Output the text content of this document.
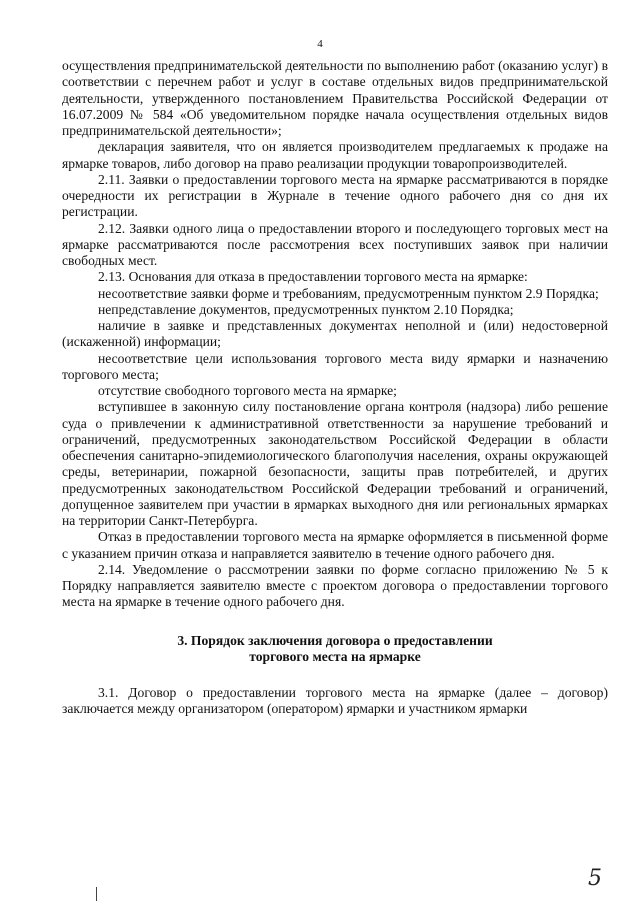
4

осуществления предпринимательской деятельности по выполнению работ (оказанию услуг) в соответствии с перечнем работ и услуг в составе отдельных видов предпринимательской деятельности, утвержденного постановлением Правительства Российской Федерации от 16.07.2009 № 584 «Об уведомительном порядке начала осуществления отдельных видов предпринимательской деятельности»;

декларация заявителя, что он является производителем предлагаемых к продаже на ярмарке товаров, либо договор на право реализации продукции товаропроизводителей.

2.11. Заявки о предоставлении торгового места на ярмарке рассматриваются в порядке очередности их регистрации в Журнале в течение одного рабочего дня со дня их регистрации.

2.12. Заявки одного лица о предоставлении второго и последующего торговых мест на ярмарке рассматриваются после рассмотрения всех поступивших заявок при наличии свободных мест.

2.13. Основания для отказа в предоставлении торгового места на ярмарке:

несоответствие заявки форме и требованиям, предусмотренным пунктом 2.9 Порядка;

непредставление документов, предусмотренных пунктом 2.10 Порядка;

наличие в заявке и представленных документах неполной и (или) недостоверной (искаженной) информации;

несоответствие цели использования торгового места виду ярмарки и назначению торгового места;

отсутствие свободного торгового места на ярмарке;

вступившее в законную силу постановление органа контроля (надзора) либо решение суда о привлечении к административной ответственности за нарушение требований и ограничений, предусмотренных законодательством Российской Федерации в области обеспечения санитарно-эпидемиологического благополучия населения, охраны окружающей среды, ветеринарии, пожарной безопасности, защиты прав потребителей, и других предусмотренных законодательством Российской Федерации требований и ограничений, допущенное заявителем при участии в ярмарках выходного дня или региональных ярмарках на территории Санкт-Петербурга.

Отказ в предоставлении торгового места на ярмарке оформляется в письменной форме с указанием причин отказа и направляется заявителю в течение одного рабочего дня.

2.14. Уведомление о рассмотрении заявки по форме согласно приложению № 5 к Порядку направляется заявителю вместе с проектом договора о предоставлении торгового места на ярмарке в течение одного рабочего дня.

3. Порядок заключения договора о предоставлении
торгового места на ярмарке

3.1. Договор о предоставлении торгового места на ярмарке (далее – договор) заключается между организатором (оператором) ярмарки и участником ярмарки

5
